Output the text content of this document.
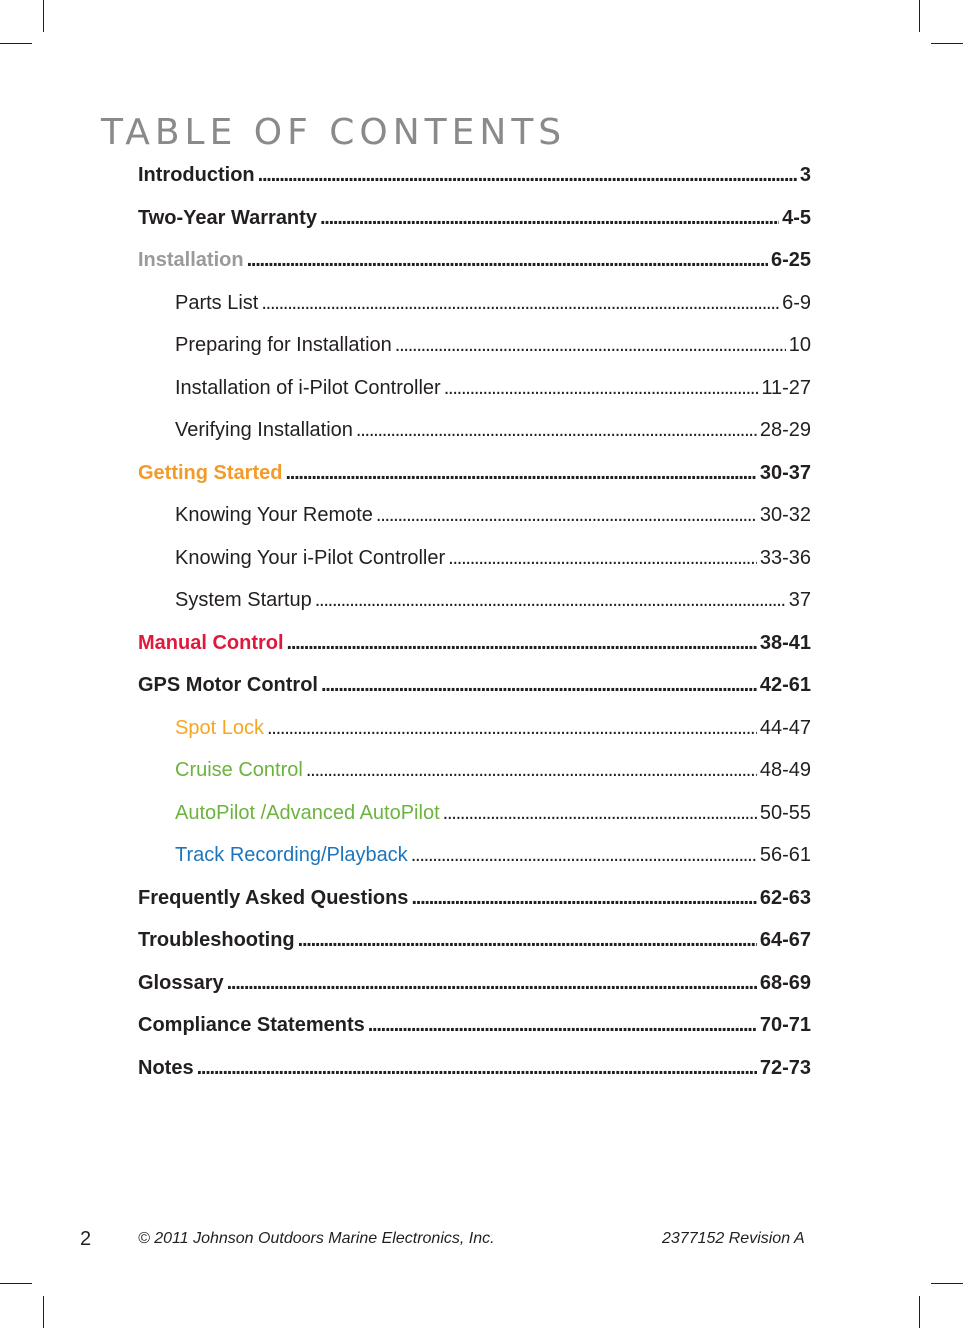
TABLE OF CONTENTS
Introduction . . .	3
Two-Year Warranty . . .	4-5
Installation . . .	6-25
Parts List . . .	6-9
Preparing for Installation . . .	10
Installation of i-Pilot Controller . . .	11-27
Verifying Installation . . .	28-29
Getting Started . . .	30-37
Knowing Your Remote . . .	30-32
Knowing Your i-Pilot Controller . . .	33-36
System Startup . . .	37
Manual Control . . .	38-41
GPS Motor Control . . .	42-61
Spot Lock . . .	44-47
Cruise Control . . .	48-49
AutoPilot /Advanced AutoPilot . . .	50-55
Track Recording/Playback . . .	56-61
Frequently Asked Questions . . .	62-63
Troubleshooting . . .	64-67
Glossary . . .	68-69
Compliance Statements . . .	70-71
Notes . . .	72-73
2	© 2011 Johnson Outdoors Marine Electronics, Inc.	2377152 Revision A
